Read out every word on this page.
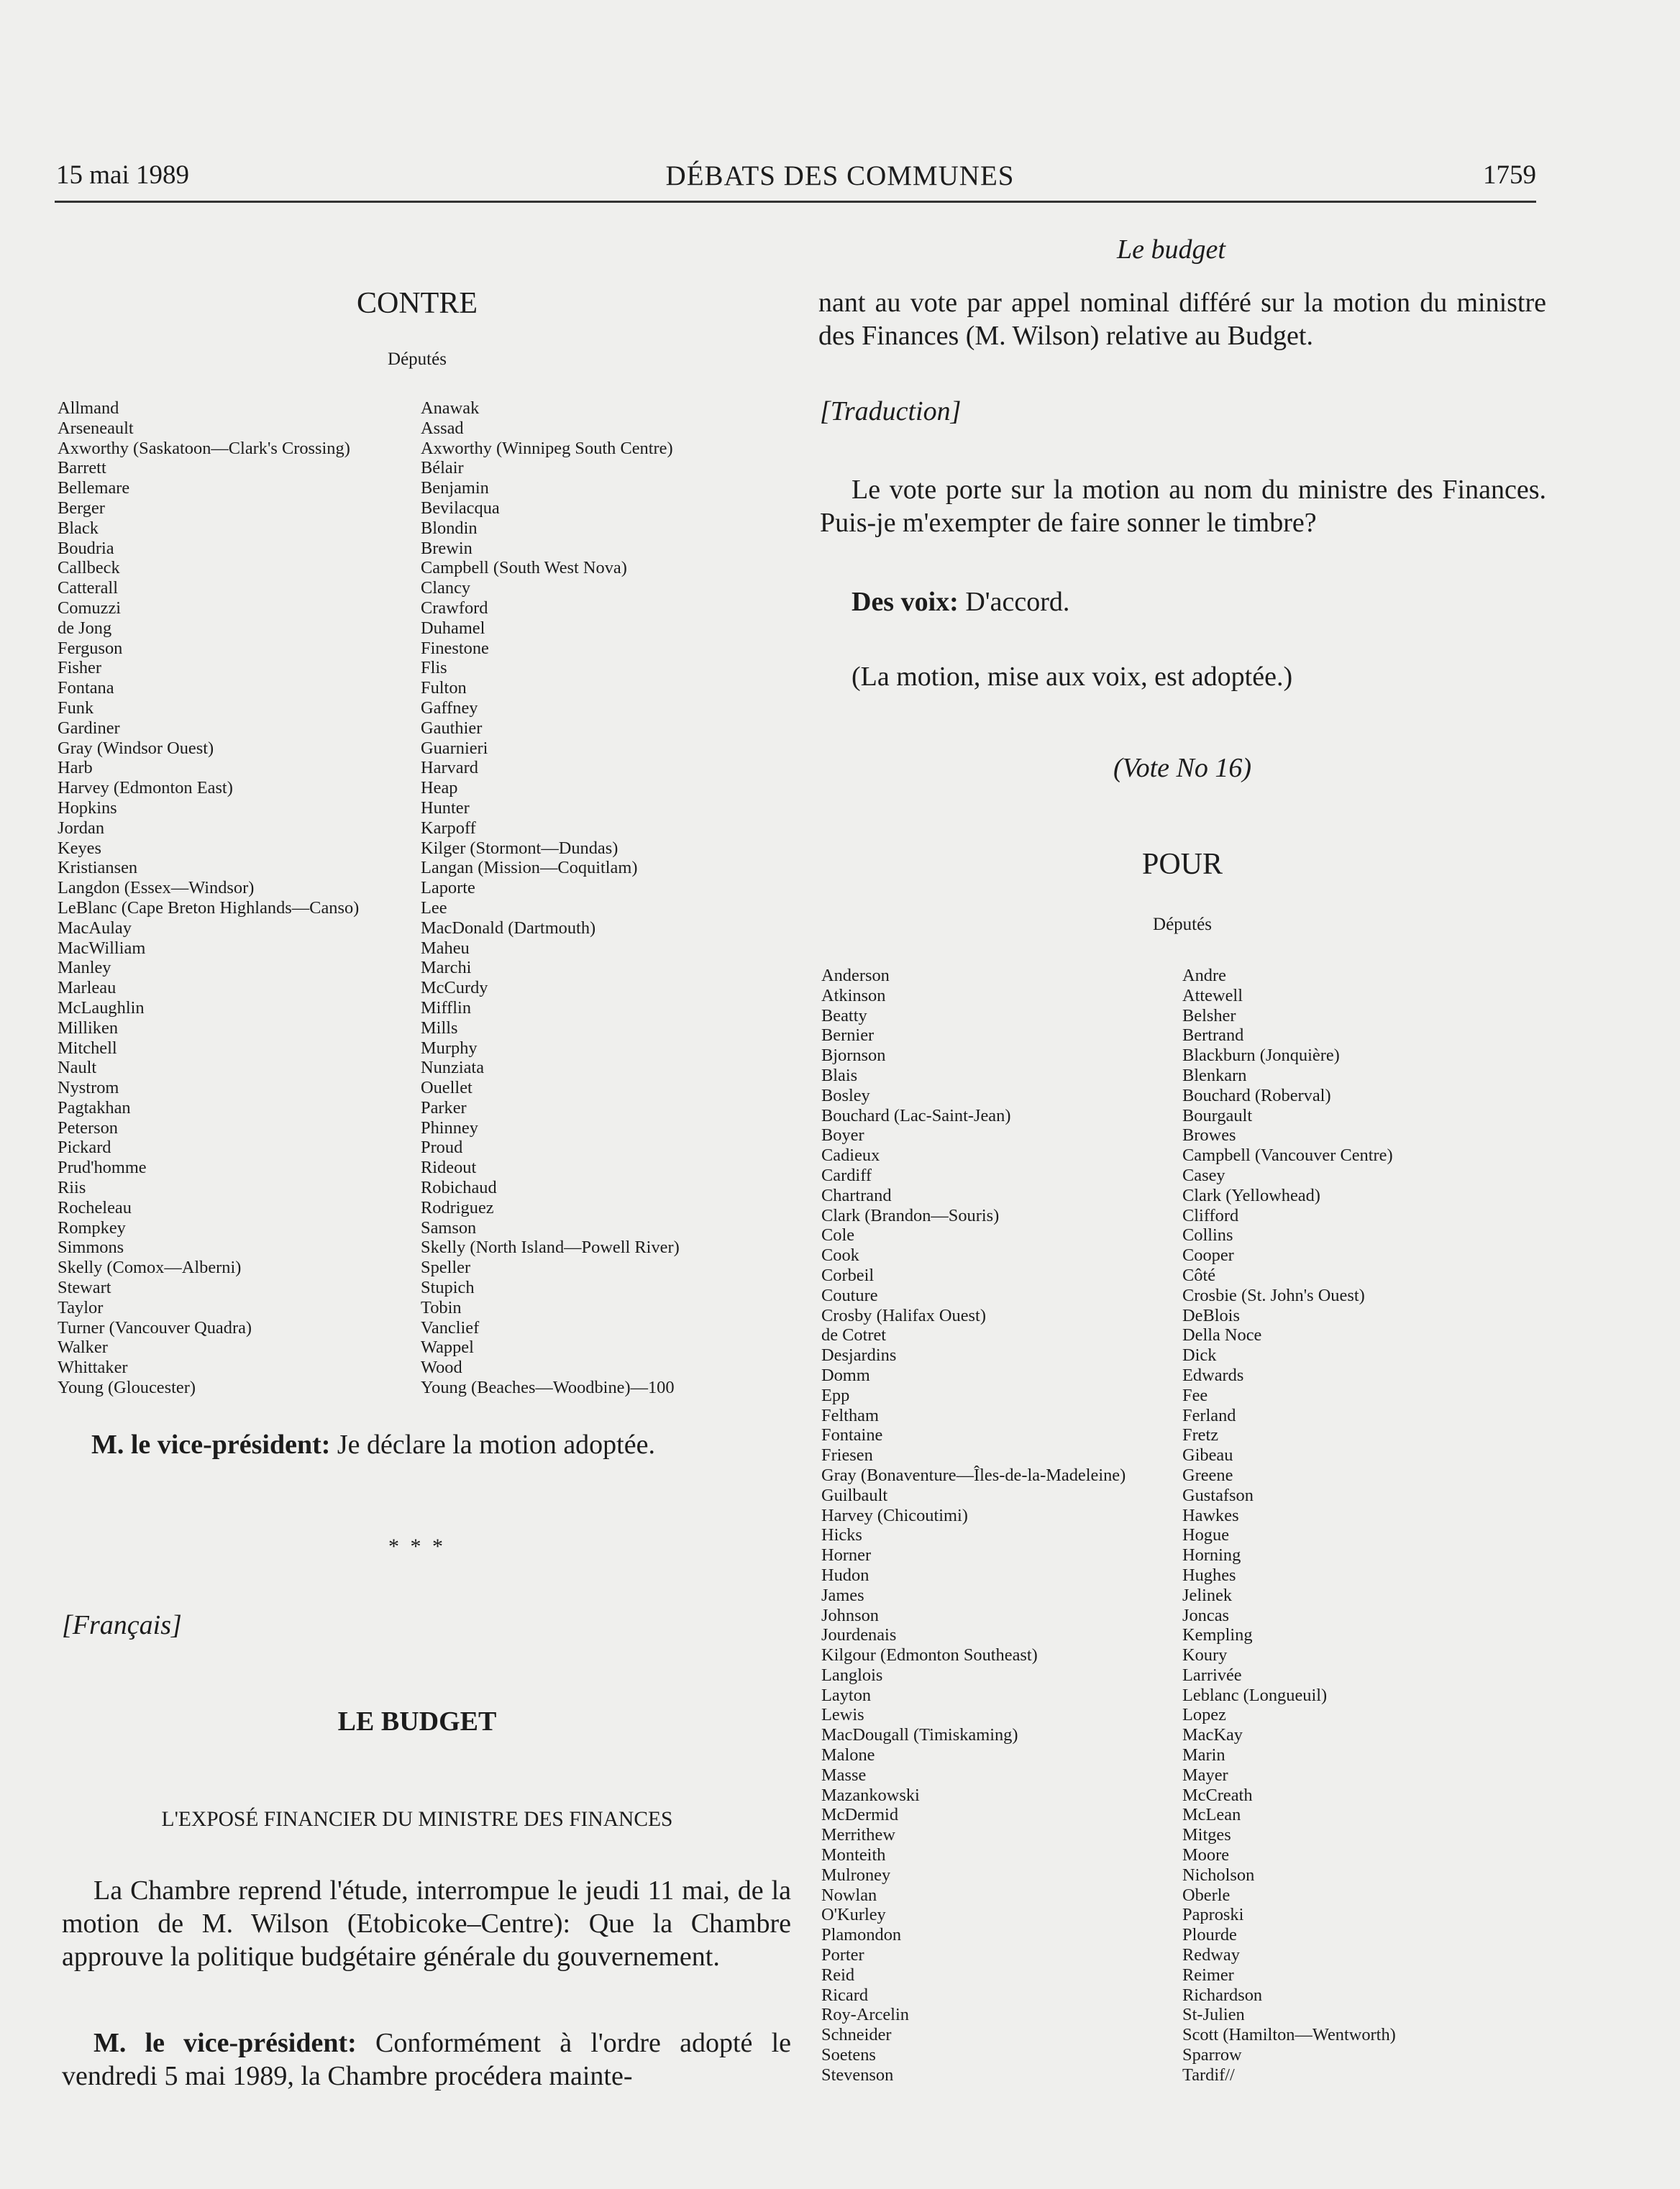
15 mai 1989	DÉBATS DES COMMUNES	1759
Le budget
CONTRE
Députés
Allmand
Arseneault
Axworthy (Saskatoon—Clark's Crossing)
Barrett
Bellemare
Berger
Black
Boudria
Callbeck
Catterall
Comuzzi
de Jong
Ferguson
Fisher
Fontana
Funk
Gardiner
Gray (Windsor Ouest)
Harb
Harvey (Edmonton East)
Hopkins
Jordan
Keyes
Kristiansen
Langdon (Essex—Windsor)
LeBlanc (Cape Breton Highlands—Canso)
MacAulay
MacWilliam
Manley
Marleau
McLaughlin
Milliken
Mitchell
Nault
Nystrom
Pagtakhan
Peterson
Pickard
Prud'homme
Riis
Rocheleau
Rompkey
Simmons
Skelly (Comox—Alberni)
Stewart
Taylor
Turner (Vancouver Quadra)
Walker
Whittaker
Young (Gloucester)
Anawak
Assad
Axworthy (Winnipeg South Centre)
Bélair
Benjamin
Bevilacqua
Blondin
Brewin
Campbell (South West Nova)
Clancy
Crawford
Duhamel
Finestone
Flis
Fulton
Gaffney
Gauthier
Guarnieri
Harvard
Heap
Hunter
Karpoff
Kilger (Stormont—Dundas)
Langan (Mission—Coquitlam)
Laporte
Lee
MacDonald (Dartmouth)
Maheu
Marchi
McCurdy
Mifflin
Mills
Murphy
Nunziata
Ouellet
Parker
Phinney
Proud
Rideout
Robichaud
Rodriguez
Samson
Skelly (North Island—Powell River)
Speller
Stupich
Tobin
Vanclief
Wappel
Wood
Young (Beaches—Woodbine)—100
M. le vice-président: Je déclare la motion adoptée.
* * *
[Français]
LE BUDGET
L'EXPOSÉ FINANCIER DU MINISTRE DES FINANCES
La Chambre reprend l'étude, interrompue le jeudi 11 mai, de la motion de M. Wilson (Etobicoke–Centre): Que la Chambre approuve la politique budgétaire générale du gouvernement.
M. le vice-président: Conformément à l'ordre adopté le vendredi 5 mai 1989, la Chambre procédera mainte-
nant au vote par appel nominal différé sur la motion du ministre des Finances (M. Wilson) relative au Budget.
[Traduction]
Le vote porte sur la motion au nom du ministre des Finances. Puis-je m'exempter de faire sonner le timbre?
Des voix: D'accord.
(La motion, mise aux voix, est adoptée.)
(Vote No 16)
POUR
Députés
Anderson
Atkinson
Beatty
Bernier
Bjornson
Blais
Bosley
Bouchard (Lac-Saint-Jean)
Boyer
Cadieux
Cardiff
Chartrand
Clark (Brandon—Souris)
Cole
Cook
Corbeil
Couture
Crosby (Halifax Ouest)
de Cotret
Desjardins
Domm
Epp
Feltham
Fontaine
Friesen
Gray (Bonaventure—Îles-de-la-Madeleine)
Guilbault
Harvey (Chicoutimi)
Hicks
Horner
Hudon
James
Johnson
Jourdenais
Kilgour (Edmonton Southeast)
Langlois
Layton
Lewis
MacDougall (Timiskaming)
Malone
Masse
Mazankowski
McDermid
Merrithew
Monteith
Mulroney
Nowlan
O'Kurley
Plamondon
Porter
Reid
Ricard
Roy-Arcelin
Schneider
Soetens
Stevenson
Andre
Attewell
Belsher
Bertrand
Blackburn (Jonquière)
Blenkarn
Bouchard (Roberval)
Bourgault
Browes
Campbell (Vancouver Centre)
Casey
Clark (Yellowhead)
Clifford
Collins
Cooper
Côté
Crosbie (St. John's Ouest)
DeBlois
Della Noce
Dick
Edwards
Fee
Ferland
Fretz
Gibeau
Greene
Gustafson
Hawkes
Hogue
Horning
Hughes
Jelinek
Joncas
Kempling
Koury
Larrivée
Leblanc (Longueuil)
Lopez
MacKay
Marin
Mayer
McCreath
McLean
Mitges
Moore
Nicholson
Oberle
Paproski
Plourde
Redway
Reimer
Richardson
St-Julien
Scott (Hamilton—Wentworth)
Sparrow
Tardif//
